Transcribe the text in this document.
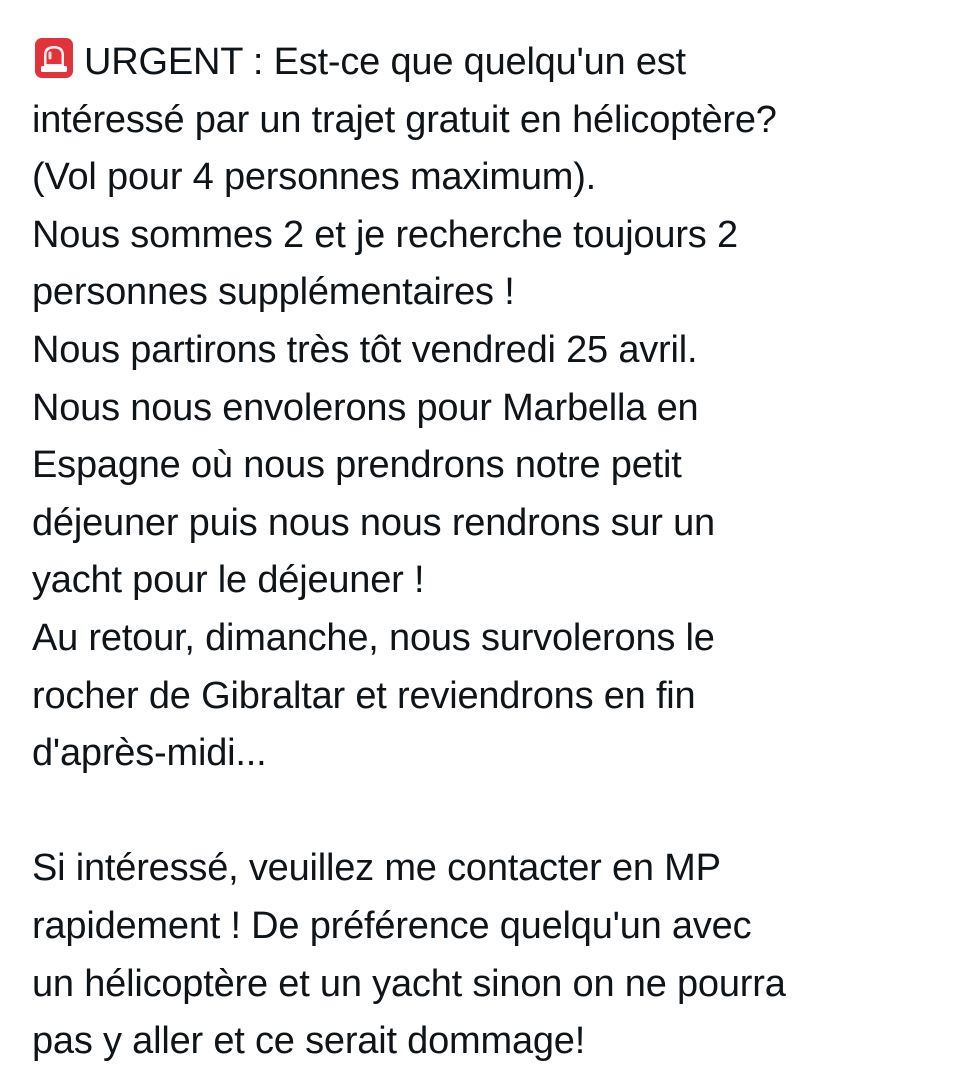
URGENT : Est-ce que quelqu'un est
intéressé par un trajet gratuit en hélicoptère?
(Vol pour 4 personnes maximum).
Nous sommes 2 et je recherche toujours 2
personnes supplémentaires !
Nous partirons très tôt vendredi 25 avril.
Nous nous envolerons pour Marbella en
Espagne où nous prendrons notre petit
déjeuner puis nous nous rendrons sur un
yacht pour le déjeuner !
Au retour, dimanche, nous survolerons le
rocher de Gibraltar et reviendrons en fin
d'après-midi...
Si intéressé, veuillez me contacter en MP
rapidement ! De préférence quelqu'un avec
un hélicoptère et un yacht sinon on ne pourra
pas y aller et ce serait dommage!
